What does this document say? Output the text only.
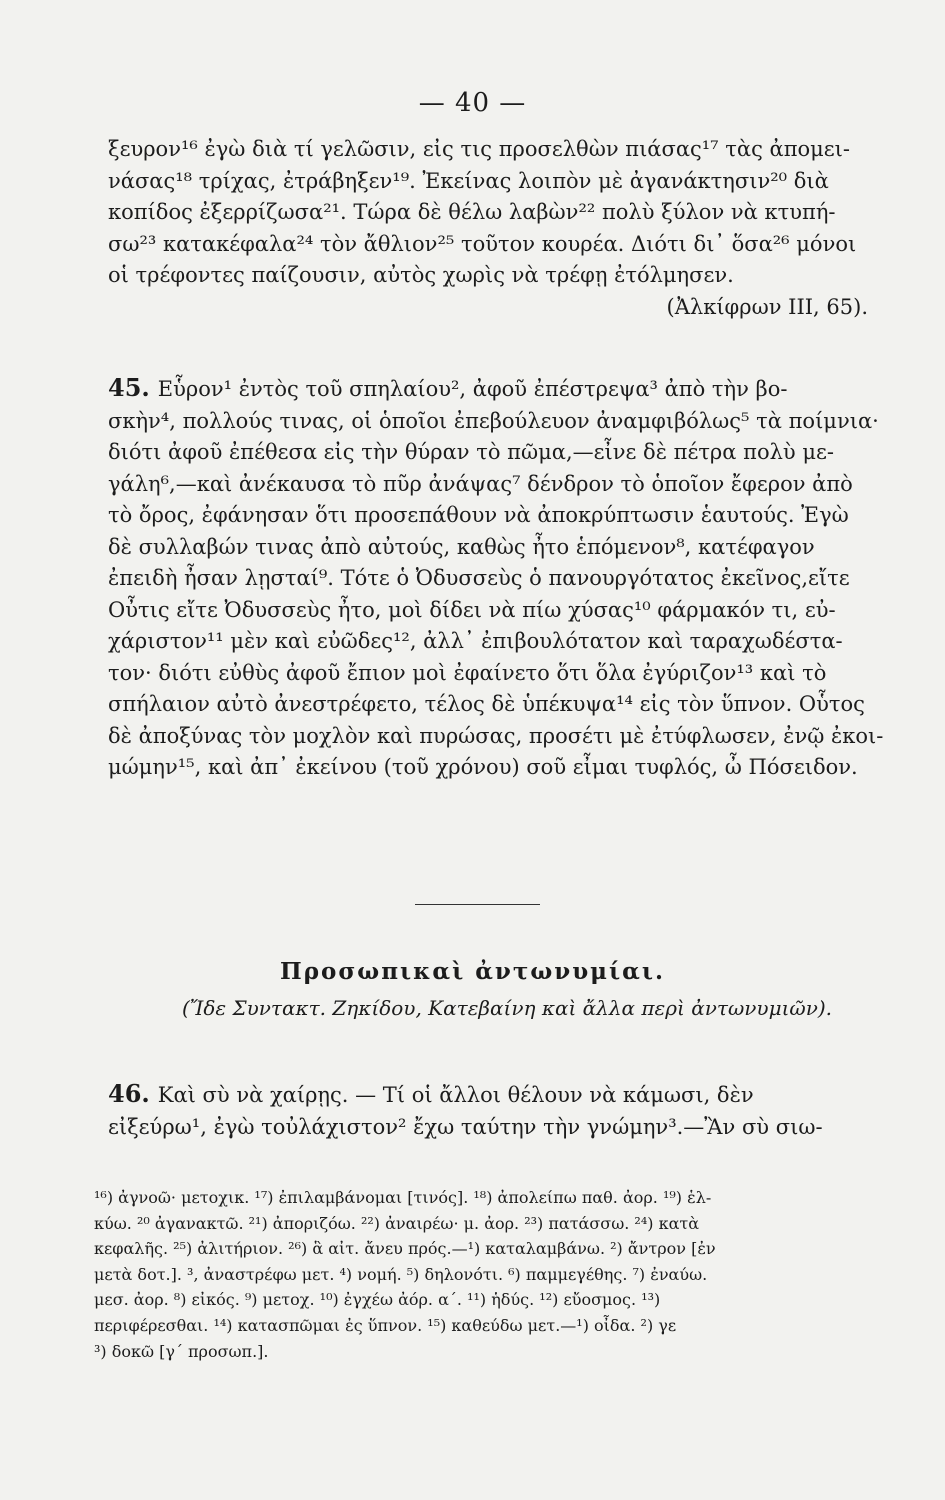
— 40 —
ξευρον¹⁶ ἐγὼ διὰ τί γελῶσιν, εἰς τις προσελθὼν πιάσας¹⁷ τὰς ἀπομει-
νάσας¹⁸ τρίχας, ἐτράβηξεν¹⁹. Ἐκείνας λοιπὸν μὲ ἀγανάκτησιν²⁰ διὰ
κοπίδος ἐξερρίζωσα²¹. Τώρα δὲ θέλω λαβὼν²² πολὺ ξύλον νὰ κτυπή-
σω²³ κατακέφαλα²⁴ τὸν ἄθλιον²⁵ τοῦτον κουρέα. Διότι δι᾽ ὅσα²⁶ μόνοι
οἱ τρέφοντες παίζουσιν, αὐτὸς χωρὶς νὰ τρέφῃ ἐτόλμησεν.
(Ἀλκίφρων III, 65).
45. Εὗρον¹ ἐντὸς τοῦ σπηλαίου², ἀφοῦ ἐπέστρεψα³ ἀπὸ τὴν βο-
σκὴν⁴, πολλούς τινας, οἱ ὁποῖοι ἐπεβούλευον ἀναμφιβόλως⁵ τὰ ποίμνια·
διότι ἀφοῦ ἐπέθεσα εἰς τὴν θύραν τὸ πῶμα,—εἶνε δὲ πέτρα πολὺ με-
γάλη⁶,—καὶ ἀνέκαυσα τὸ πῦρ ἀνάψας⁷ δένδρον τὸ ὁποῖον ἔφερον ἀπὸ
τὸ ὄρος, ἐφάνησαν ὅτι προσεπάθουν νὰ ἀποκρύπτωσιν ἑαυτούς. Ἐγὼ
δὲ συλλαβών τινας ἀπὸ αὐτούς, καθὼς ἦτο ἑπόμενον⁸, κατέφαγον
ἐπειδὴ ἦσαν λῃσταί⁹. Τότε ὁ Ὀδυσσεὺς ὁ πανουργότατος ἐκεῖνος,εἴτε
Οὖτις εἴτε Ὀδυσσεὺς ἦτο, μοὶ δίδει νὰ πίω χύσας¹⁰ φάρμακόν τι, εὐ-
χάριστον¹¹ μὲν καὶ εὐῶδες¹², ἀλλ᾽ ἐπιβουλότατον καὶ ταραχωδέστα-
τον· διότι εὐθὺς ἀφοῦ ἔπιον μοὶ ἐφαίνετο ὅτι ὅλα ἐγύριζον¹³ καὶ τὸ
σπήλαιον αὐτὸ ἀνεστρέφετο, τέλος δὲ ὑπέκυψα¹⁴ εἰς τὸν ὕπνον. Οὗτος
δὲ ἀποξύνας τὸν μοχλὸν καὶ πυρώσας, προσέτι μὲ ἐτύφλωσεν, ἐνῷ ἐκοι-
μώμην¹⁵, καὶ ἀπ᾽ ἐκείνου (τοῦ χρόνου) σοῦ εἶμαι τυφλός, ὦ Πόσειδον.
Προσωπικαὶ ἀντωνυμίαι.
(Ἴδε Συντακτ. Ζηκίδου, Κατεβαίνη καὶ ἄλλα περὶ ἀντωνυμιῶν).
46. Καὶ σὺ νὰ χαίρῃς. — Τί οἱ ἄλλοι θέλουν νὰ κάμωσι, δὲν
εἰξεύρω¹, ἐγὼ τοὐλάχιστον² ἔχω ταύτην τὴν γνώμην³.—Ἂν σὺ σιω-
¹⁶) ἀγνοῶ· μετοχικ. ¹⁷) ἐπιλαμβάνομαι [τινός]. ¹⁸) ἀπολείπω παθ. ἀορ. ¹⁹) ἑλ-
κύω. ²⁰ ἀγανακτῶ. ²¹) ἀποριζόω. ²²) ἀναιρέω· μ. ἀορ. ²³) πατάσσω. ²⁴) κατὰ
κεφαλῆς. ²⁵) ἀλιτήριον. ²⁶) ἃ αἰτ. ἄνευ πρός.—¹) καταλαμβάνω. ²) ἄντρον [ἐν
μετὰ δοτ.]. ³, ἀναστρέφω μετ. ⁴) νομή. ⁵) δηλονότι. ⁶) παμμεγέθης. ⁷) ἐναύω.
μεσ. ἀορ. ⁸) εἰκός. ⁹) μετοχ. ¹⁰) ἐγχέω ἀόρ. α΄. ¹¹) ἡδύς. ¹²) εὔοσμος. ¹³)
περιφέρεσθαι. ¹⁴) κατασπῶμαι ἐς ὕπνον. ¹⁵) καθεύδω μετ.—¹) οἶδα. ²) γε
³) δοκῶ [γ΄ προσωπ.].
